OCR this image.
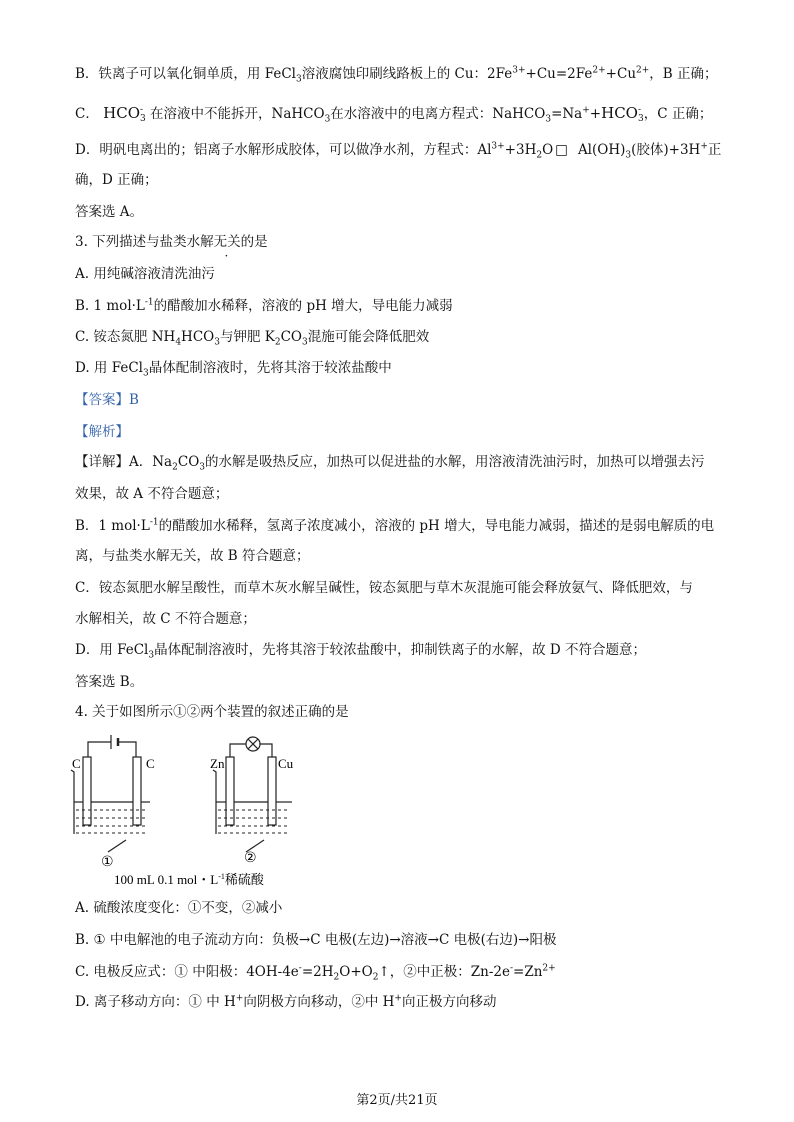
B．铁离子可以氧化铜单质，用 FeCl$_3$溶液腐蚀印刷线路板上的 Cu：$2Fe^{3+}+Cu=2Fe^{2+}+Cu^{2+}$，B 正确；
C． HCO-
3 在溶液中不能拆开，NaHCO$_3$在水溶液中的电离方程式：NaHCO$_3$=Na++HCO-
3，C 正确；
D．明矾电离出的；铝离子水解形成胶体，可以做净水剂，方程式：$Al^{3+}+3H_2O$ □ $Al(OH)_3$(胶体)+3H+正
确，D 正确；
答案选 A。
3. 下列描述与盐类水解无关的是
A. 用纯碱溶液清洗油污
B. 1 $mol\cdot L^{-1}$的醋酸加水稀释，溶液的 pH 增大，导电能力减弱
C. 铵态氮肥 $NH_4HCO_3$与钾肥 $K_2CO_3$混施可能会降低肥效
D. 用 FeCl$_3$晶体配制溶液时，先将其溶于较浓盐酸中
【答案】B
【解析】
【详解】A．$Na_2CO_3$的水解是吸热反应，加热可以促进盐的水解，用溶液清洗油污时，加热可以增强去污
效果，故 A 不符合题意；
B．1 $mol\cdot L^{-1}$的醋酸加水稀释，氢离子浓度减小，溶液的 pH 增大，导电能力减弱，描述的是弱电解质的电
离，与盐类水解无关，故 B 符合题意；
C．铵态氮肥水解呈酸性，而草木灰水解呈碱性，铵态氮肥与草木灰混施可能会释放氨气、降低肥效，与
水解相关，故 C 不符合题意；
D．用 FeCl$_3$晶体配制溶液时，先将其溶于较浓盐酸中，抑制铁离子的水解，故 D 不符合题意；
答案选 B。
4. 关于如图所示①②两个装置的叙述正确的是
C	C
①
Zn	Cu
②
100 mL 0.1 mol・$L^{-1}$稀硫酸
A. 硫酸浓度变化：①不变，②减小
B. ① 中电解池的电子流动方向：负极→C 电极(左边)→溶液→C 电极(右边)→阳极
C. 电极反应式：① 中阳极：$4OH-4e^-=2H_2O+O_2↑$，②中正极：$Zn-2e^-=Zn^{2+}$
D. 离子移动方向：① 中 H+向阴极方向移动，②中 H+向正极方向移动
第2页/共21页
